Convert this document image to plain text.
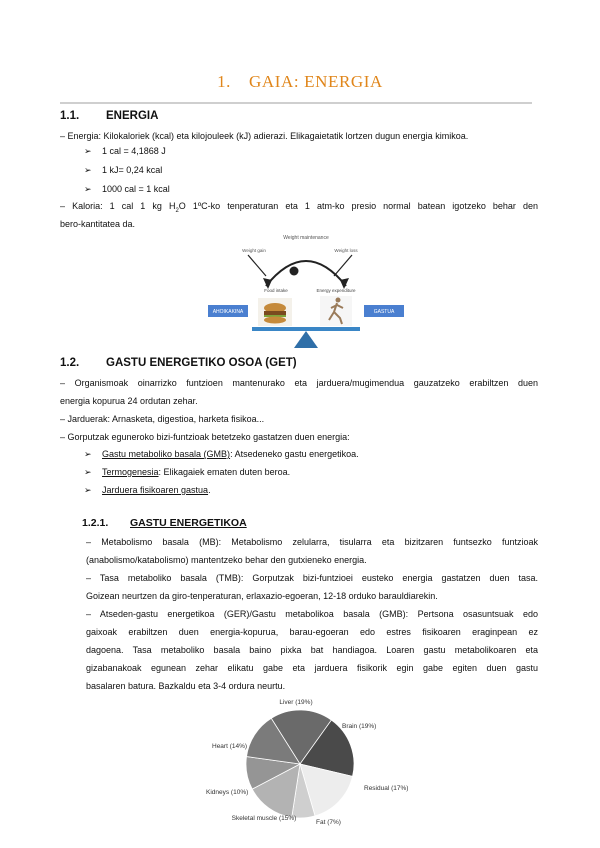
1. GAIA: ENERGIA
1.1. ENERGIA
– Energia: Kilokaloriek (kcal) eta kilojouleek (kJ) adierazi. Elikagaietatik lortzen dugun energia kimikoa.
➢ 1 cal = 4,1868 J
➢ 1 kJ= 0,24 kcal
➢ 1000 cal = 1 kcal
– Kaloria: 1 cal 1 kg $H_2O$ 1ºC-ko tenperaturan eta 1 atm-ko presio normal batean igotzeko behar den
bero-kantitatea da.
Weight maintenance
Weight gain	Weight loss
Food intake	Energy expenditure
AHOIKAKINA	GASTUA
1.2. GASTU ENERGETIKO OSOA (GET)
– Organismoak oinarrizko funtzioen mantenurako eta jarduera/mugimendua gauzatzeko erabiltzen duen
energia kopurua 24 ordutan zehar.
– Jarduerak: Arnasketa, digestioa, harketa fisikoa...
– Gorputzak eguneroko bizi-funtzioak betetzeko gastatzen duen energia:
➢ Gastu metaboliko basala (GMB): Atsedeneko gastu energetikoa.
➢ Termogenesia: Elikagaiek ematen duten beroa.
➢ Jarduera fisikoaren gastua.
1.2.1. GASTU ENERGETIKOA
– Metabolismo basala (MB): Metabolismo zelularra, tisularra eta bizitzaren funtsezko funtzioak
(anabolismo/katabolismo) mantentzeko behar den gutxieneko energia.
– Tasa metaboliko basala (TMB): Gorputzak bizi-funtzioei eusteko energia gastatzen duen tasa.
Goizean neurtzen da giro-tenperaturan, erlaxazio-egoeran, 12-18 orduko barauldiarekin.
– Atseden-gastu energetikoa (GER)/Gastu metabolikoa basala (GMB): Pertsona osasuntsuak edo
gaixoak erabiltzen duen energia-kopurua, barau-egoeran edo estres fisikoaren eraginpean ez
dagoena. Tasa metaboliko basala baino pixka bat handiagoa. Loaren gastu metabolikoaren eta
gizabanakoak egunean zehar elikatu gabe eta jarduera fisikorik egin gabe egiten duen gastu
basalaren batura. Bazkaldu eta 3-4 ordura neurtu.
Liver (19%)
Brain (19%)
Residual (17%)
Fat (7%)
Skeletal muscle (15%)
Kidneys (10%)
Heart (14%)
